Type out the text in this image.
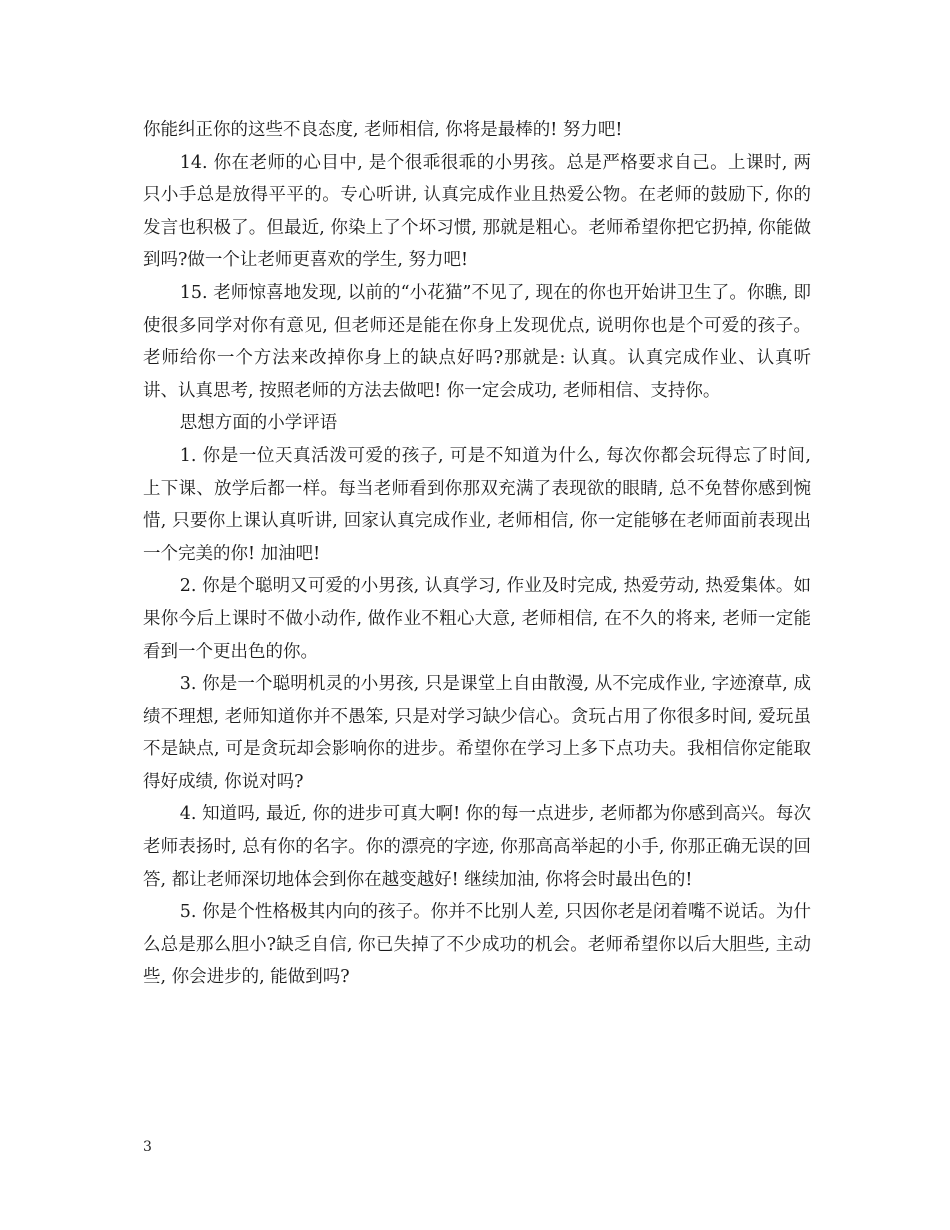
你能纠正你的这些不良态度, 老师相信, 你将是最棒的! 努力吧!

14. 你在老师的心目中, 是个很乖很乖的小男孩。总是严格要求自己。上课时, 两只小手总是放得平平的。专心听讲, 认真完成作业且热爱公物。在老师的鼓励下, 你的发言也积极了。但最近, 你染上了个坏习惯, 那就是粗心。老师希望你把它扔掉, 你能做到吗?做一个让老师更喜欢的学生, 努力吧!

15. 老师惊喜地发现, 以前的“小花猫”不见了, 现在的你也开始讲卫生了。你瞧, 即使很多同学对你有意见, 但老师还是能在你身上发现优点, 说明你也是个可爱的孩子。老师给你一个方法来改掉你身上的缺点好吗?那就是: 认真。认真完成作业、认真听讲、认真思考, 按照老师的方法去做吧! 你一定会成功, 老师相信、支持你。

思想方面的小学评语

1. 你是一位天真活泼可爱的孩子, 可是不知道为什么, 每次你都会玩得忘了时间, 上下课、放学后都一样。每当老师看到你那双充满了表现欲的眼睛, 总不免替你感到惋惜, 只要你上课认真听讲, 回家认真完成作业, 老师相信, 你一定能够在老师面前表现出一个完美的你! 加油吧!

2. 你是个聪明又可爱的小男孩, 认真学习, 作业及时完成, 热爱劳动, 热爱集体。如果你今后上课时不做小动作, 做作业不粗心大意, 老师相信, 在不久的将来, 老师一定能看到一个更出色的你。

3. 你是一个聪明机灵的小男孩, 只是课堂上自由散漫, 从不完成作业, 字迹潦草, 成绩不理想, 老师知道你并不愚笨, 只是对学习缺少信心。贪玩占用了你很多时间, 爱玩虽不是缺点, 可是贪玩却会影响你的进步。希望你在学习上多下点功夫。我相信你定能取得好成绩, 你说对吗?

4. 知道吗, 最近, 你的进步可真大啊! 你的每一点进步, 老师都为你感到高兴。每次老师表扬时, 总有你的名字。你的漂亮的字迹, 你那高高举起的小手, 你那正确无误的回答, 都让老师深切地体会到你在越变越好! 继续加油, 你将会时最出色的!

5. 你是个性格极其内向的孩子。你并不比别人差, 只因你老是闭着嘴不说话。为什么总是那么胆小?缺乏自信, 你已失掉了不少成功的机会。老师希望你以后大胆些, 主动些, 你会进步的, 能做到吗?

3
